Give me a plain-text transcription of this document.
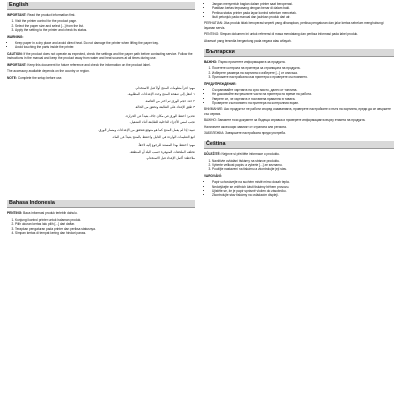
English
IMPORTANT: Read the product information first.
1. Visit the printer control for the product page.
2. Select the paper size and select [...] from the list.
3. Apply the setting to the printer and check its status.
WARNING:
• Keep paper in a dry place and avoid direct heat. Do not damage the printer when lifting the paper tray.
• Avoid touching the parts inside the printer.
CAUTION: If the product does not operate as expected, check the settings and the paper path before contacting service. Follow the instructions in the manual and keep the product away from water and heat sources at all times during use.
IMPORTANT: Keep this document for future reference and check the information on the product label.
The accessory available depends on the country or region.
NOTE: Complete the setup before use.
مهم: اقرأ معلومات المنتج أولاً قبل الاستخدام.
١ انتقل إلى صفحة المنتج وحدد الإعدادات المطلوبة.
٢ حدد حجم الورق ثم اختر من القائمة.
٣ طبّق الإعداد على الطابعة وتحقق من الحالة.
تحذير: احفظ الورق في مكان جاف بعيداً عن الحرارة.
تجنب لمس الأجزاء الداخلية للطابعة أثناء التشغيل.
تنبيه: إذا لم يعمل المنتج كما هو متوقع فتحقق من الإعدادات ومسار الورق.
اتبع التعليمات الواردة في الدليل واحتفظ بالمنتج بعيداً عن الماء.
مهم: احتفظ بهذا المستند للرجوع إليه لاحقاً.
تختلف الملحقات المتوفرة حسب البلد أو المنطقة.
ملاحظة: أكمل الإعداد قبل الاستخدام.
Bahasa Indonesia
PENTING: Baca informasi produk terlebih dahulu.
1. Kunjungi kontrol printer untuk halaman produk.
2. Pilih ukuran kertas lalu pilih [...] dari daftar.
3. Terapkan pengaturan pada printer dan periksa statusnya.
4. Simpan kertas di tempat kering dan hindari panas.
• Jangan menyentuh bagian dalam printer saat beroperasi.
• Pastikan kertas terpasang dengan benar di dalam baki.
• Periksa status printer pada layar kontrol sebelum mencetak.
• Ikuti petunjuk pada manual dan jauhkan produk dari air.
PERHATIAN: Jika produk tidak beroperasi seperti yang diharapkan, periksa pengaturan dan jalur kertas sebelum menghubungi layanan servis.
PENTING: Simpan dokumen ini untuk referensi di masa mendatang dan periksa informasi pada label produk.
Aksesori yang tersedia bergantung pada negara atau wilayah.
Български
ВАЖНО: Първо прочетете информацията за продукта.
1. Посетете контрола на принтера за страницата на продукта.
2. Изберете размера на хартията и изберете [...] от списъка.
3. Приложете настройката към принтера и проверете състоянието.
ПРЕДУПРЕЖДЕНИЕ:
• Съхранявайте хартията на сухо място, далеч от топлина.
• Не докосвайте вътрешните части на принтера по време на работа.
• Уверете се, че хартията е поставена правилно в тавата.
• Проверете състоянието на принтера на контролния екран.
ВНИМАНИЕ: Ако продуктът не работи според очакванията, проверете настройките и пътя на хартията, преди да се свържете със сервиз.
ВАЖНО: Запазете този документ за бъдеща справка и проверете информацията върху етикета на продукта.
Наличните аксесоари зависят от страната или региона.
ЗАБЕЛЕЖКА: Завършете настройката преди употреба.
Čeština
DŮLEŽITÉ: Nejprve si přečtěte informace o produktu.
1. Navštivte ovládání tiskárny na stránce produktu.
2. Vyberte velikost papíru a vyberte [...] ze seznamu.
3. Použijte nastavení na tiskárnu a zkontrolujte její stav.
VAROVÁNÍ:
• Papír uchovávejte na suchém místě mimo dosah tepla.
• Nedotýkejte se vnitřních částí tiskárny během provozu.
• Ujistěte se, že je papír správně vložen do zásobníku.
• Zkontrolujte stav tiskárny na ovládacím displeji.
